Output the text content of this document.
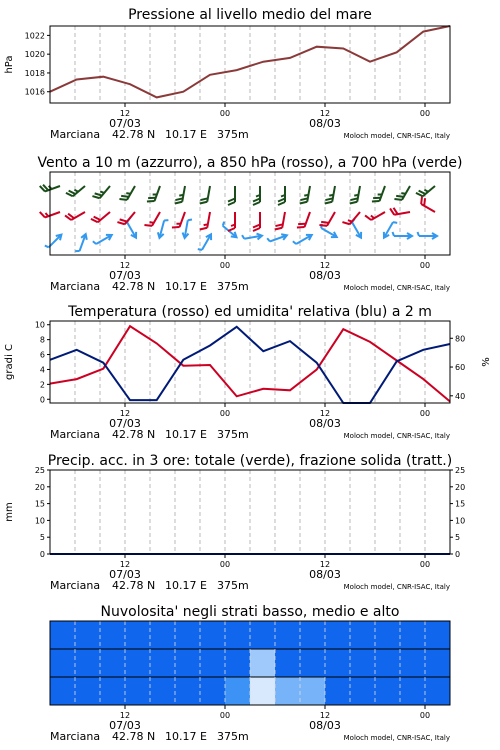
Pressione al livello medio del mare
1016
1018
1020
1022
hPa
12	00	12	00
07/03	08/03
Marciana 42.78 N 10.17 E 375m	Moloch model, CNR-ISAC, Italy
Vento a 10 m (azzurro), a 850 hPa (rosso), a 700 hPa (verde)
12	00	12	00
07/03	08/03
Marciana 42.78 N 10.17 E 375m	Moloch model, CNR-ISAC, Italy
Temperatura (rosso) ed umidita' relativa (blu) a 2 m
0
2
4
6
8
10
gradi C
40
60
80
%
12	00	12	00
07/03	08/03
Marciana 42.78 N 10.17 E 375m	Moloch model, CNR-ISAC, Italy
Precip. acc. in 3 ore: totale (verde), frazione solida (tratt.)
0
5
10
15
20
25
mm
0
5
10
15
20
25
12	00	12	00
07/03	08/03
Marciana 42.78 N 10.17 E 375m	Moloch model, CNR-ISAC, Italy
Nuvolosita' negli strati basso, medio e alto
12	00	12	00
07/03	08/03
Marciana 42.78 N 10.17 E 375m	Moloch model, CNR-ISAC, Italy
